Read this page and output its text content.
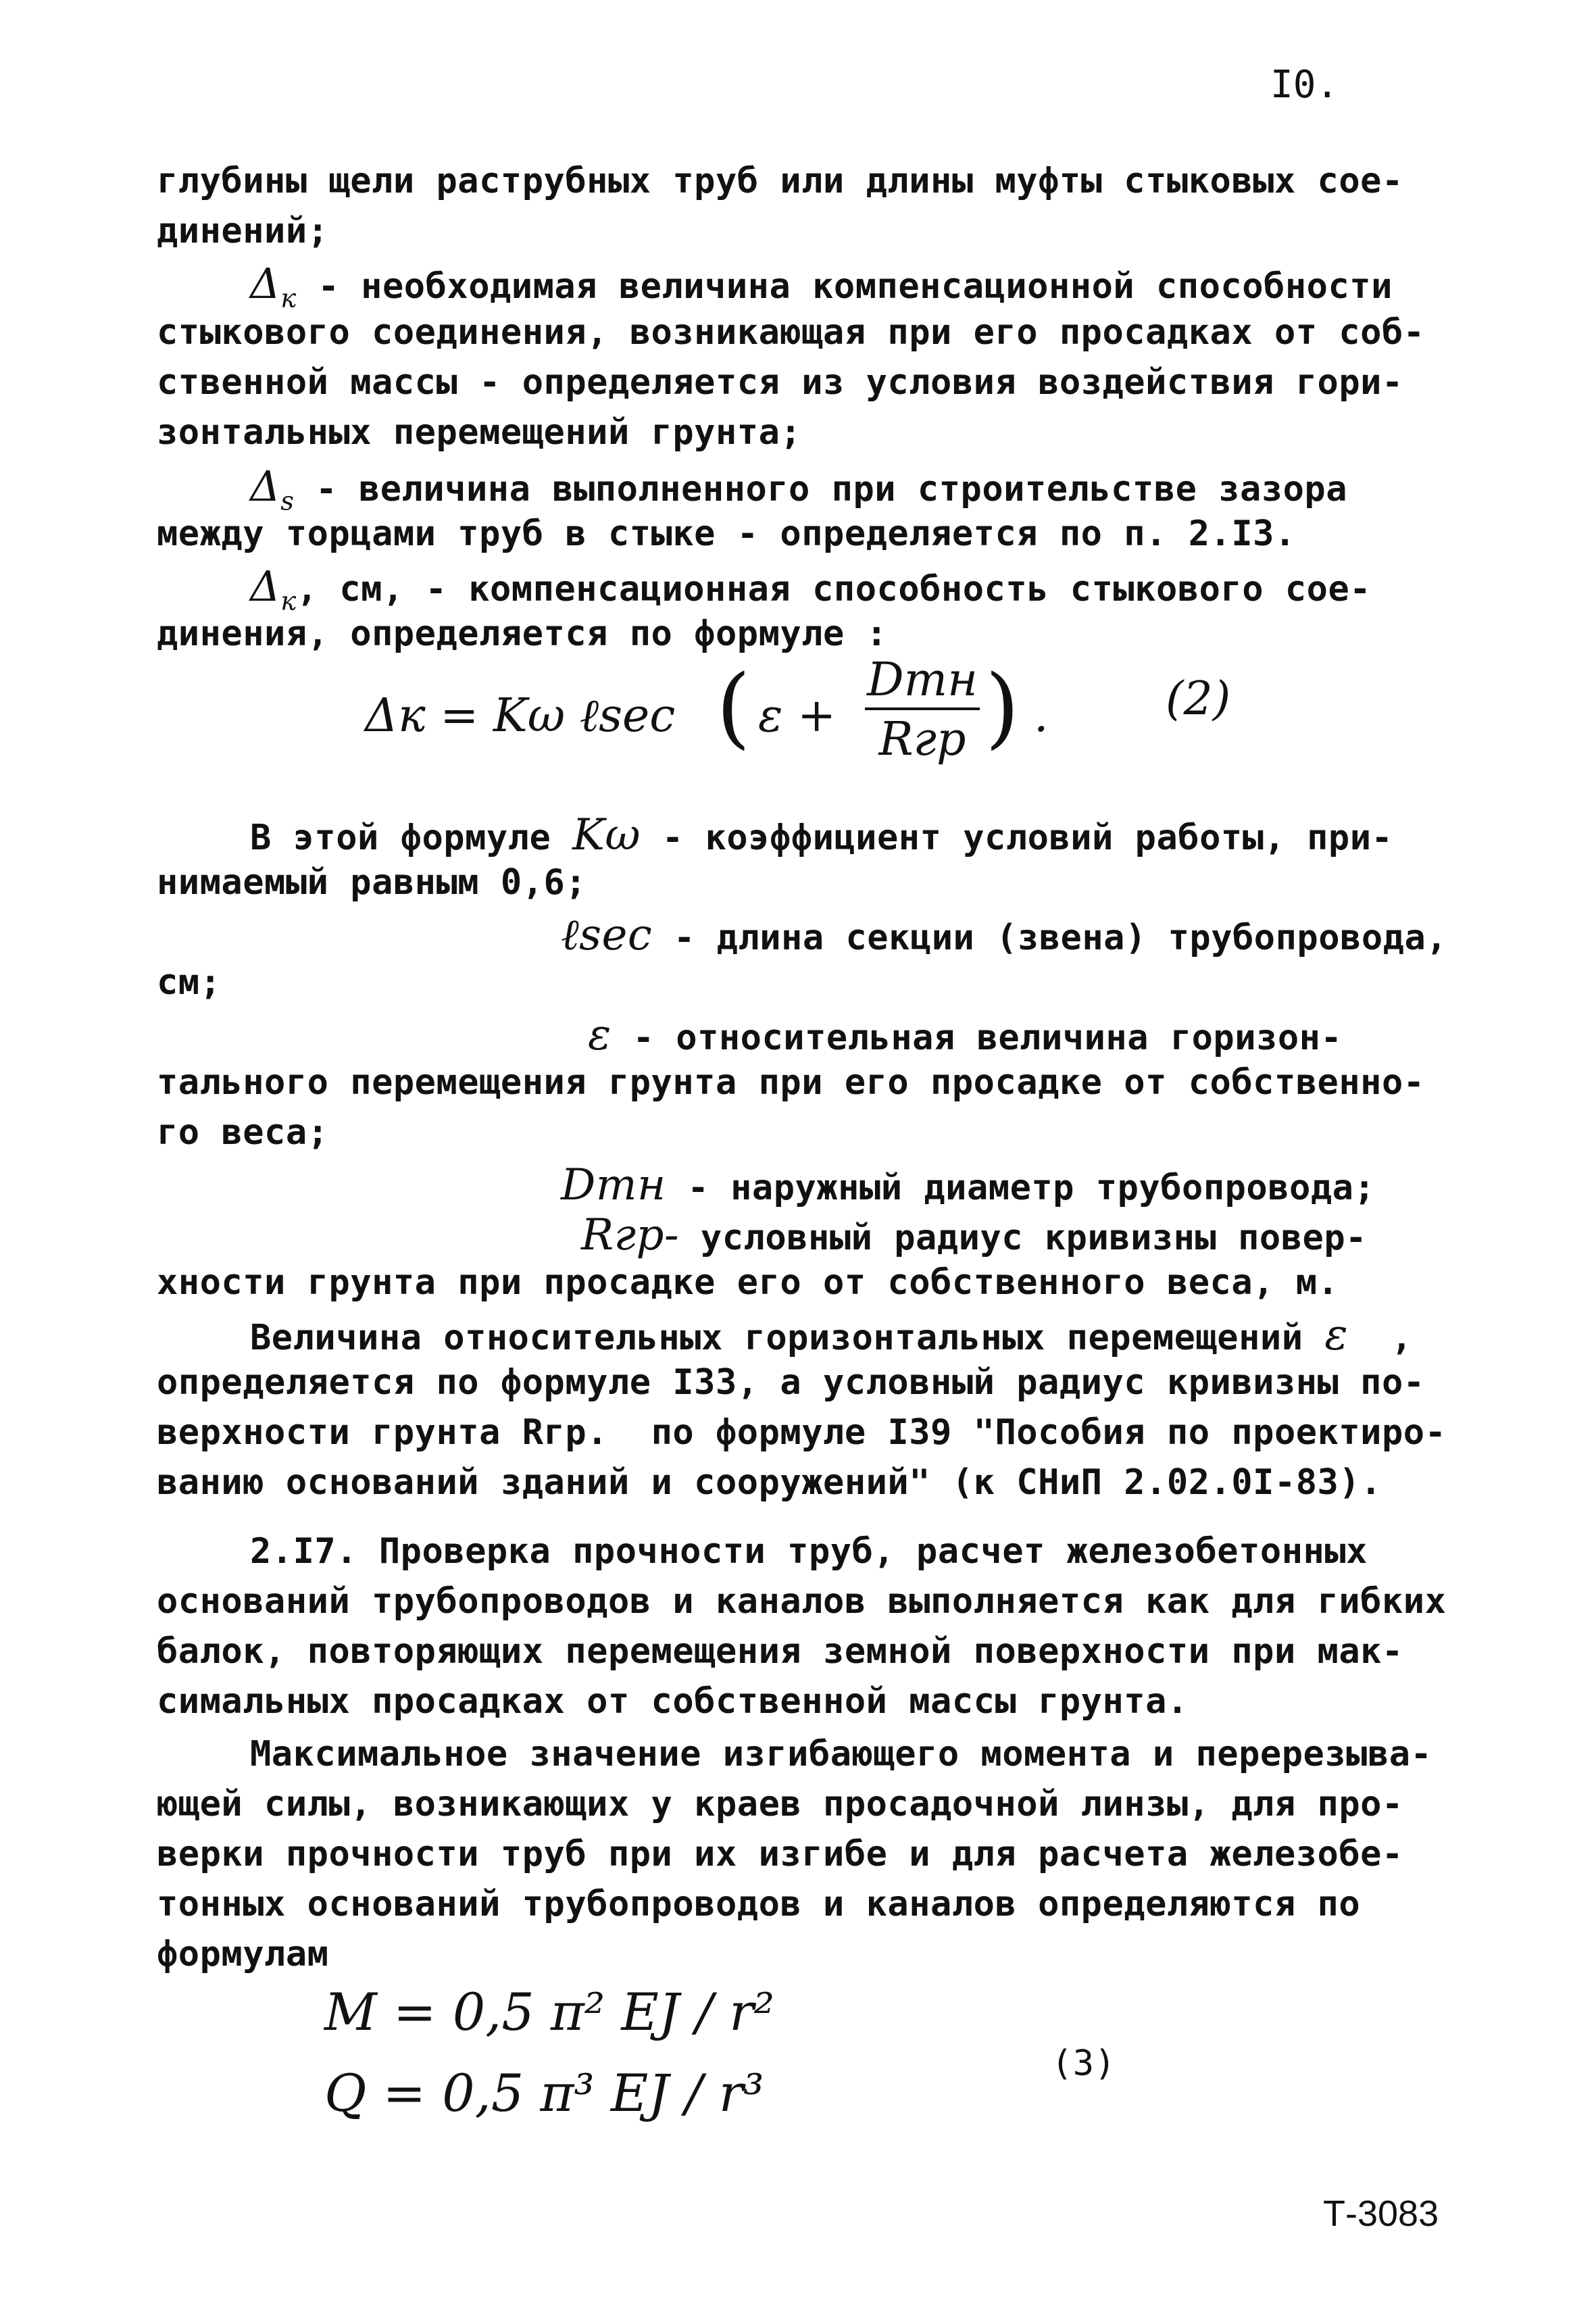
I0.
глубины щели раструбных труб или длины муфты стыковых сое-
динений;
$\Delta_к$ - необходимая величина компенсационной способности
стыкового соединения, возникающая при его просадках от соб-
ственной массы - определяется из условия воздействия гори-
зонтальных перемещений грунта;
$\Delta_s$ - величина выполненного при строительстве зазора
между торцами труб в стыке - определяется по п. 2.I3.
$\Delta_к$, см, - компенсационная способность стыкового сое-
динения, определяется по формуле :
Δк = Kω ℓsec ( ε +
Dтн
Rгр ) .	(2)
В этой формуле Kω - коэффициент условий работы, при-
нимаемый равным 0,6;
ℓsec - длина секции (звена) трубопровода,
см;
ε - относительная величина горизон-
тального перемещения грунта при его просадке от собственно-
го веса;
Dтн - наружный диаметр трубопровода;
Rгр- условный радиус кривизны повер-
хности грунта при просадке его от собственного веса, м.
Величина относительных горизонтальных перемещений ε  ,
определяется по формуле I33, а условный радиус кривизны по-
верхности грунта Rгр.  по формуле I39 "Пособия по проектиро-
ванию оснований зданий и сооружений" (к СНиП 2.02.0I-83).
2.I7. Проверка прочности труб, расчет железобетонных
оснований трубопроводов и каналов выполняется как для гибких
балок, повторяющих перемещения земной поверхности при мак-
симальных просадках от собственной массы грунта.
Максимальное значение изгибающего момента и перерезыва-
ющей силы, возникающих у краев просадочной линзы, для про-
верки прочности труб при их изгибе и для расчета железобе-
тонных оснований трубопроводов и каналов определяются по
формулам
M = 0,5 π² EJ / r²
Q = 0,5 π³ EJ / r³	(3)
Т-3083
